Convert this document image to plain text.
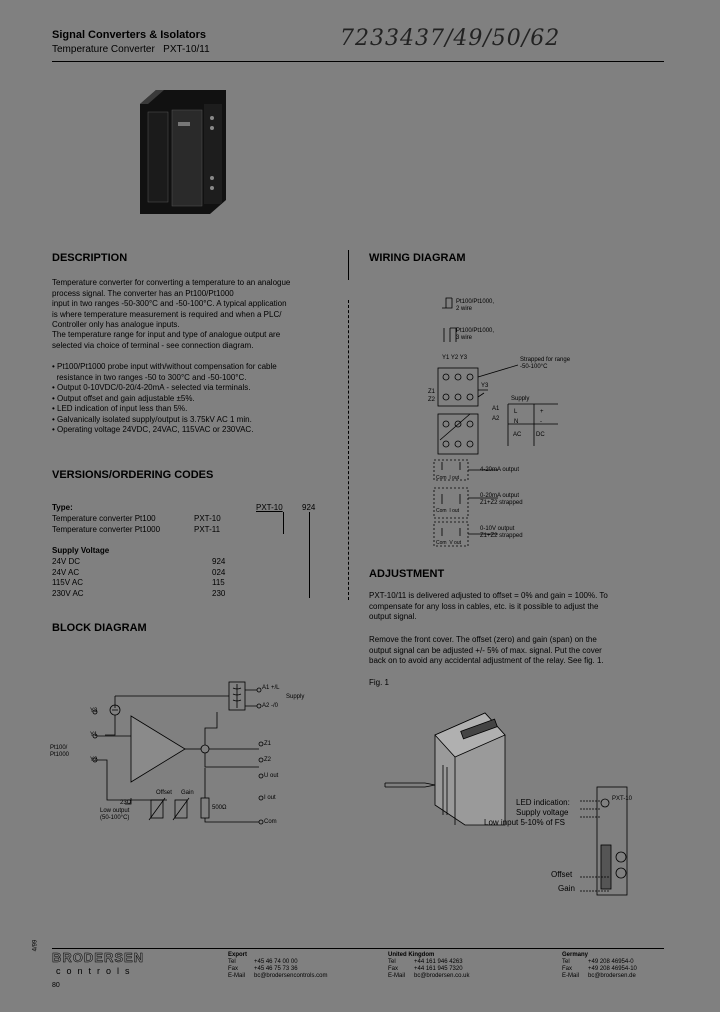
Signal Converters & Isolators
Temperature Converter   PXT-10/11	7233437/49/50/62
DESCRIPTION
Temperature converter for converting a temperature to an analogue
process signal. The converter has an Pt100/Pt1000
input in two ranges -50-300°C and -50-100°C. A typical application
is where temperature measurement is required and when a PLC/
Controller only has analogue inputs.
The temperature range for input and type of analogue output are
selected via choice of terminal - see connection diagram.
• Pt100/Pt1000 probe input with/without compensation for cable
resistance in two ranges -50 to 300°C and -50-100°C.
• Output 0-10VDC/0-20/4-20mA - selected via terminals.
• Output offset and gain adjustable ±5%.
• LED indication of input less than 5%.
• Galvanically isolated supply/output is 3.75kV AC 1 min.
• Operating voltage 24VDC, 24VAC, 115VAC or 230VAC.
VERSIONS/ORDERING CODES
Type:	PXT-10 924
Temperature converter Pt100	PXT-10
Temperature converter Pt1000	PXT-11
Supply Voltage
24V DC	924
24V AC	024
115V AC	115
230V AC	230
BLOCK DIAGRAM
A1 +/L
Supply
A2 -/0
Y3
Y1
Y2
Pt100/
Pt1000
Z1
Z2
U out
I out
Com
Offset Gain
23Ω
Low output
(50-100°C)
500Ω
WIRING DIAGRAM
Pt100/Pt1000,
2 wire
Pt100/Pt1000,
3 wire
Y1 Y2 Y3	Strapped for range
-50-100°C
Z1
Z2
Y3
A1
A2
Supply
L
N
+
-
AC DC
4-20mA output
Com  I out
0-20mA output
Z1+Z2 strapped
Com  I out
0-10V output
Z1+Z2 strapped
Com  V out
ADJUSTMENT
PXT-10/11 is delivered adjusted to offset = 0% and gain = 100%. To
compensate for any loss in cables, etc. is it possible to adjust the
output signal.
Remove the front cover. The offset (zero) and gain (span) on the
output signal can be adjusted +/- 5% of max. signal. Put the cover
back on to avoid any accidental adjustment of the relay. See fig. 1.
Fig. 1
LED indication:
Supply voltage
Low input 5-10% of FS
Offset
Gain
PXT-10
BRODERSEN
controls
80
4/99
Export
Tel	+45 46 74 00 00
Fax	+45 46 75 73 36
E-Mail bc@brodersencontrols.com
United Kingdom
Tel	+44 161 946 4263
Fax	+44 161 945 7320
E-Mail bc@brodersen.co.uk
Germany
Tel	+49 208 46954-0
Fax	+49 208 46954-10
E-Mail bc@brodersen.de
